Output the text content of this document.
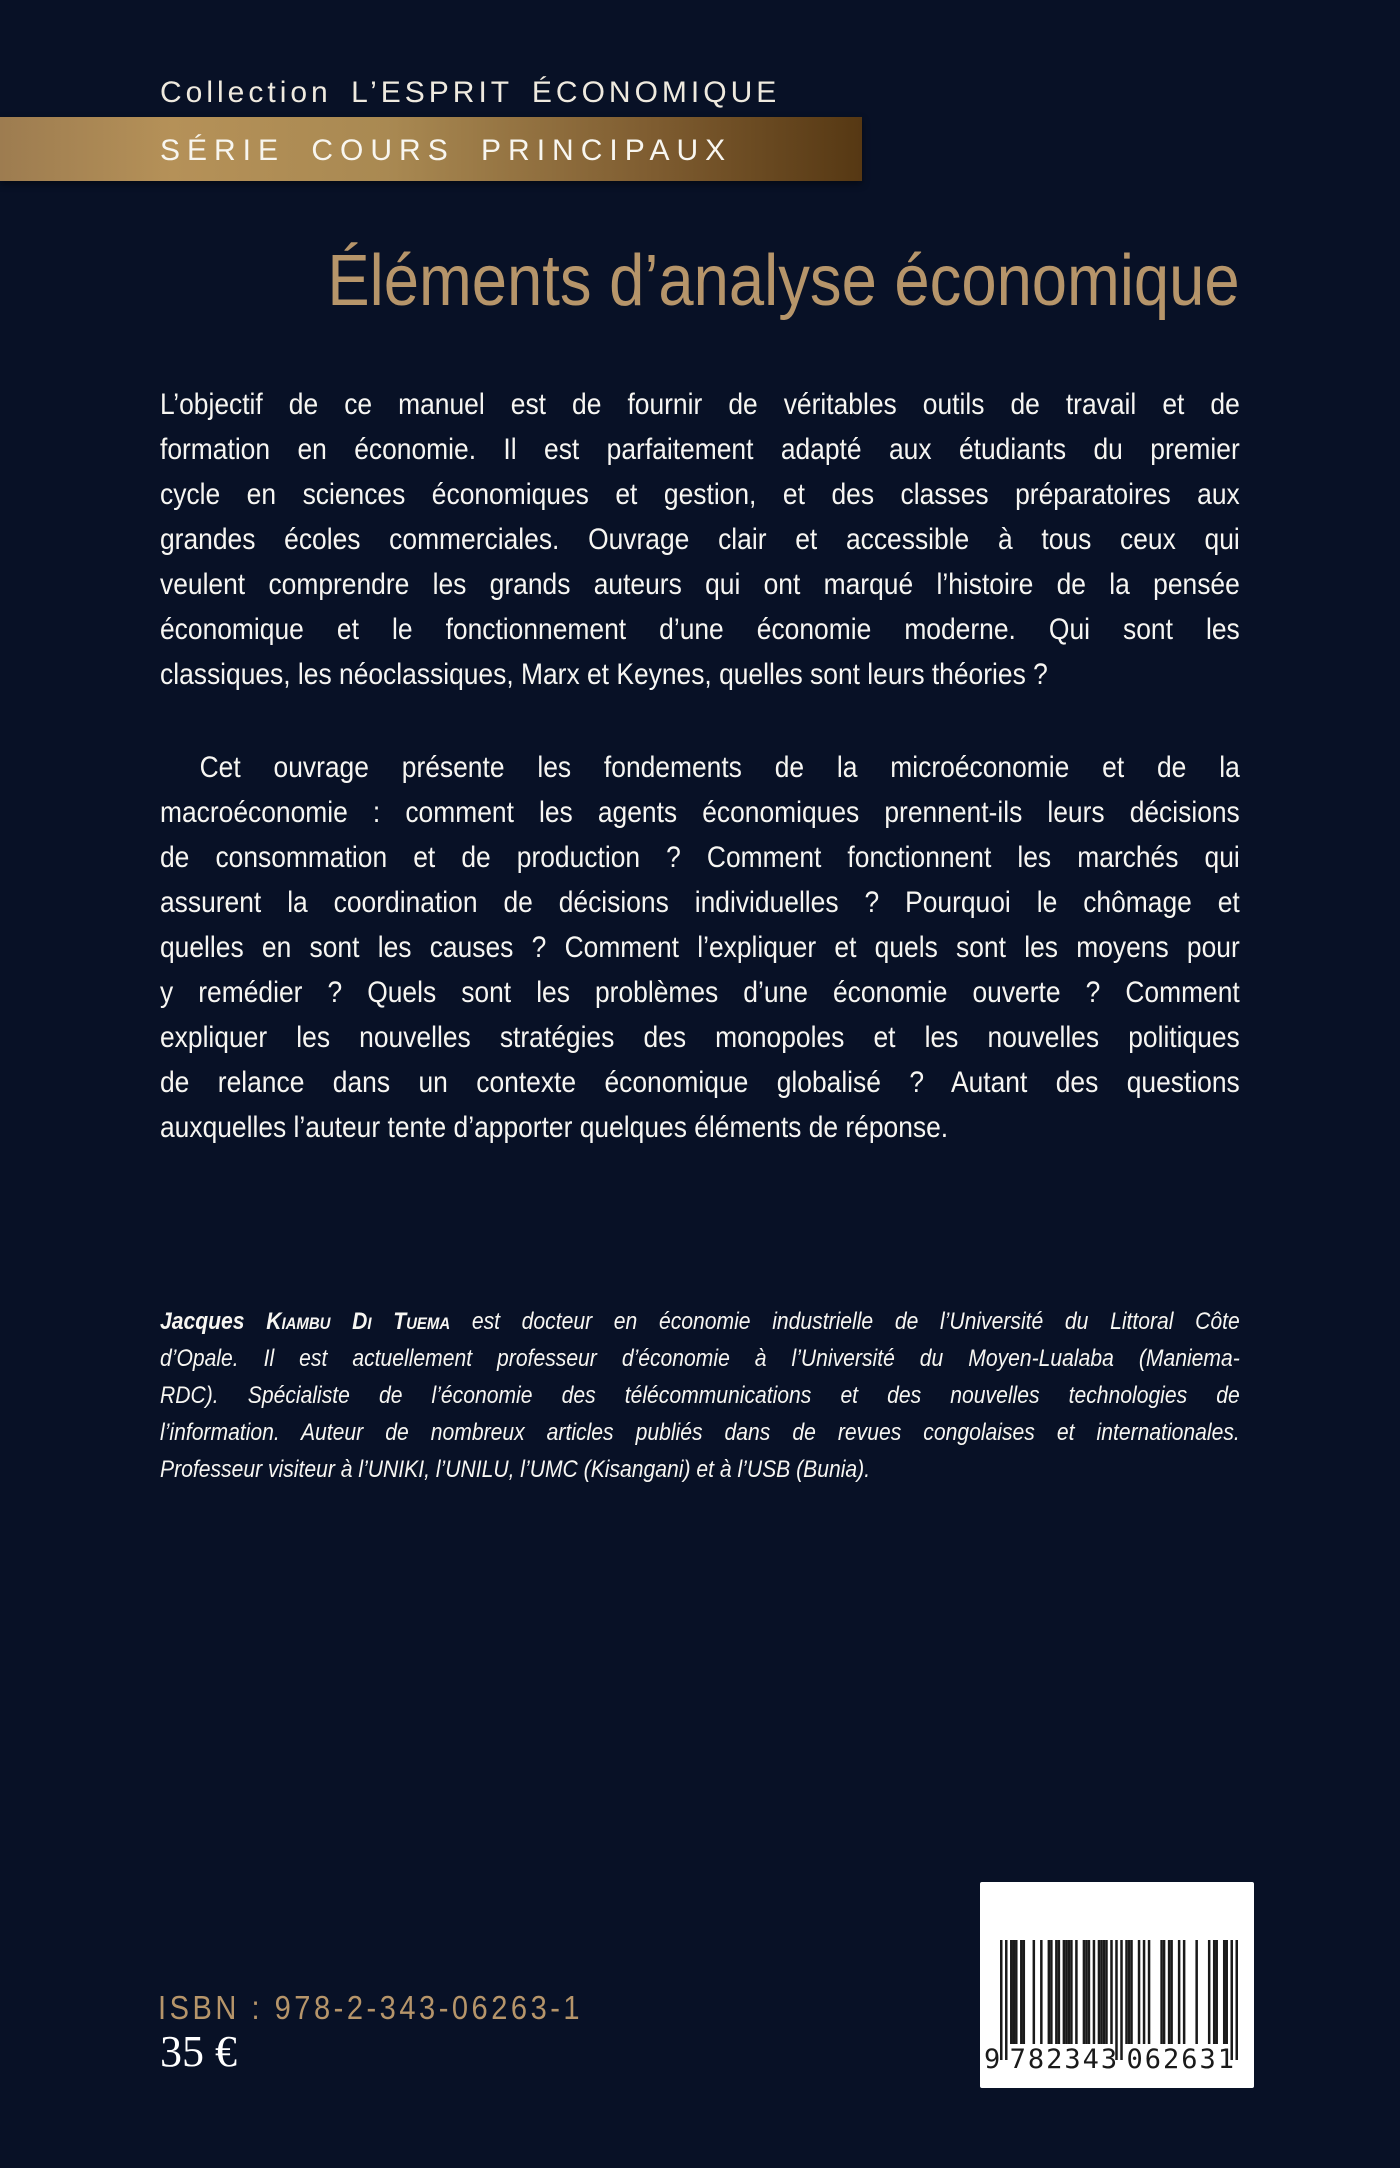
Collection L’ESPRIT ÉCONOMIQUE
SÉRIE COURS PRINCIPAUX
Éléments d’analyse économique
L’objectif de ce manuel est de fournir de véritables outils de travail et de
formation en économie. Il est parfaitement adapté aux étudiants du premier
cycle en sciences économiques et gestion, et des classes préparatoires aux
grandes écoles commerciales. Ouvrage clair et accessible à tous ceux qui
veulent comprendre les grands auteurs qui ont marqué l’histoire de la pensée
économique et le fonctionnement d’une économie moderne. Qui sont les
classiques, les néoclassiques, Marx et Keynes, quelles sont leurs théories ?
Cet ouvrage présente les fondements de la microéconomie et de la
macroéconomie : comment les agents économiques prennent-ils leurs décisions
de consommation et de production ? Comment fonctionnent les marchés qui
assurent la coordination de décisions individuelles ? Pourquoi le chômage et
quelles en sont les causes ? Comment l’expliquer et quels sont les moyens pour
y remédier ? Quels sont les problèmes d’une économie ouverte ? Comment
expliquer les nouvelles stratégies des monopoles et les nouvelles politiques
de relance dans un contexte économique globalisé ? Autant des questions
auxquelles l’auteur tente d’apporter quelques éléments de réponse.
Jacques Kiambu Di Tuema est docteur en économie industrielle de l’Université du Littoral Côte
d’Opale. Il est actuellement professeur d’économie à l’Université du Moyen-Lualaba (Maniema-
RDC). Spécialiste de l’économie des télécommunications et des nouvelles technologies de
l’information. Auteur de nombreux articles publiés dans de revues congolaises et internationales.
Professeur visiteur à l’UNIKI, l’UNILU, l’UMC (Kisangani) et à l’USB (Bunia).
ISBN : 978-2-343-06263-1
35 €	9 782343 062631
